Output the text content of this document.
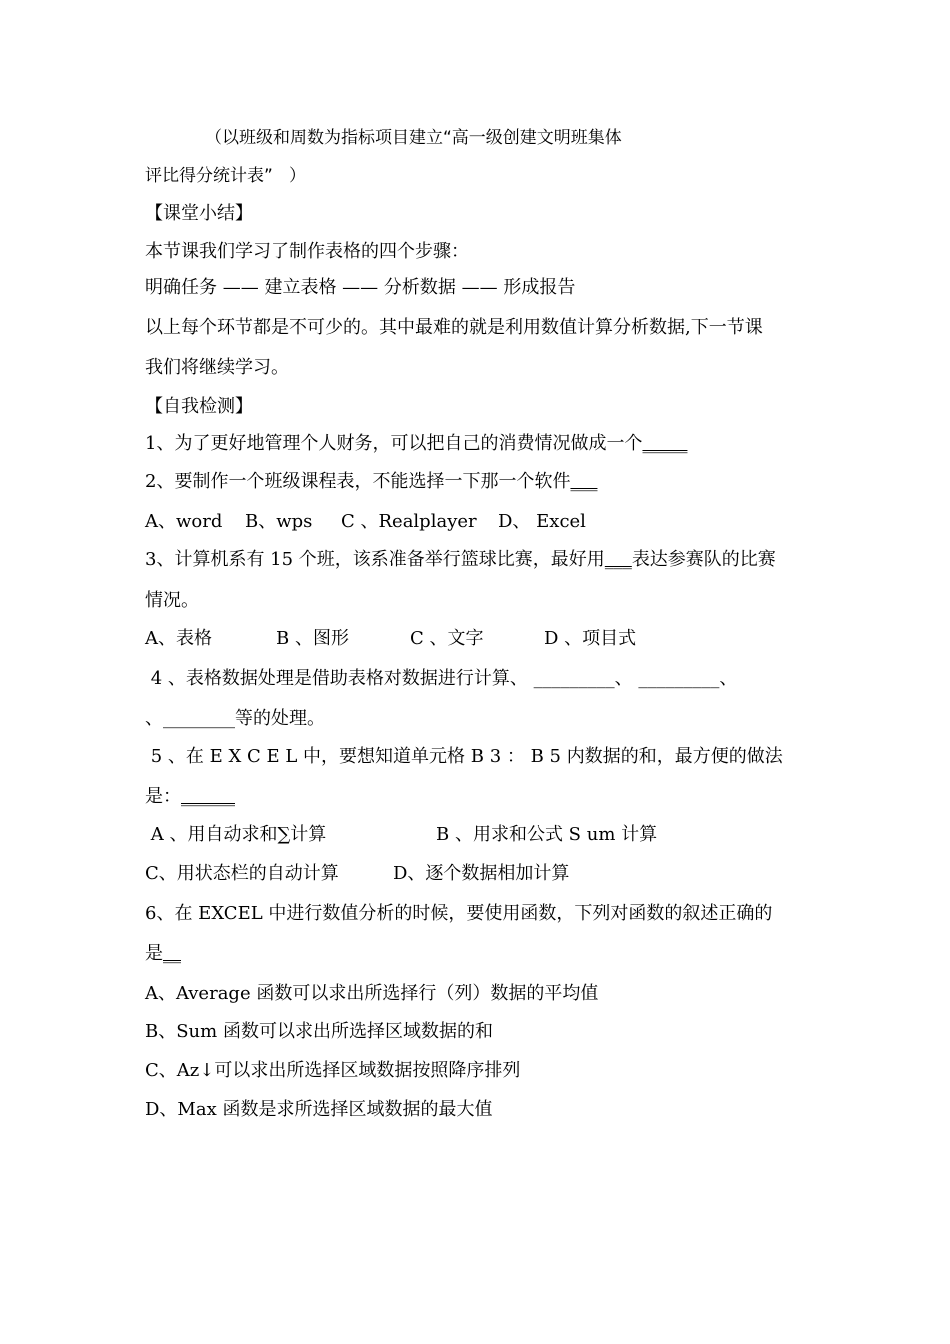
（以班级和周数为指标项目建立“高一级创建文明班集体
评比得分统计表”   ）
【课堂小结】
本节课我们学习了制作表格的四个步骤：
明确任务 —— 建立表格 —— 分析数据 —— 形成报告
以上每个环节都是不可少的。其中最难的就是利用数值计算分析数据,下一节课
我们将继续学习。
【自我检测】
1、为了更好地管理个人财务，可以把自己的消费情况做成一个_____
2、要制作一个班级课程表，不能选择一下那一个软件___
A、word B、wps C 、Realplayer D、 Excel
3、计算机系有 15 个班，该系准备举行篮球比赛，最好用___表达参赛队的比赛
情况。
A、表格	B 、图形	C 、文字	D 、项目式
4 、表格数据处理是借助表格对数据进行计算、 _________、 _________、
、________等的处理。
5 、在 E X C E L 中，要想知道单元格 B 3 ： B 5 内数据的和，最方便的做法
是：______
A 、用自动求和∑计算	B 、用求和公式 S um 计算
C、用状态栏的自动计算	D、逐个数据相加计算
6、在 EXCEL 中进行数值分析的时候，要使用函数，下列对函数的叙述正确的
是__
A、Average 函数可以求出所选择行（列）数据的平均值
B、Sum 函数可以求出所选择区域数据的和
C、Az↓可以求出所选择区域数据按照降序排列
D、Max 函数是求所选择区域数据的最大值
